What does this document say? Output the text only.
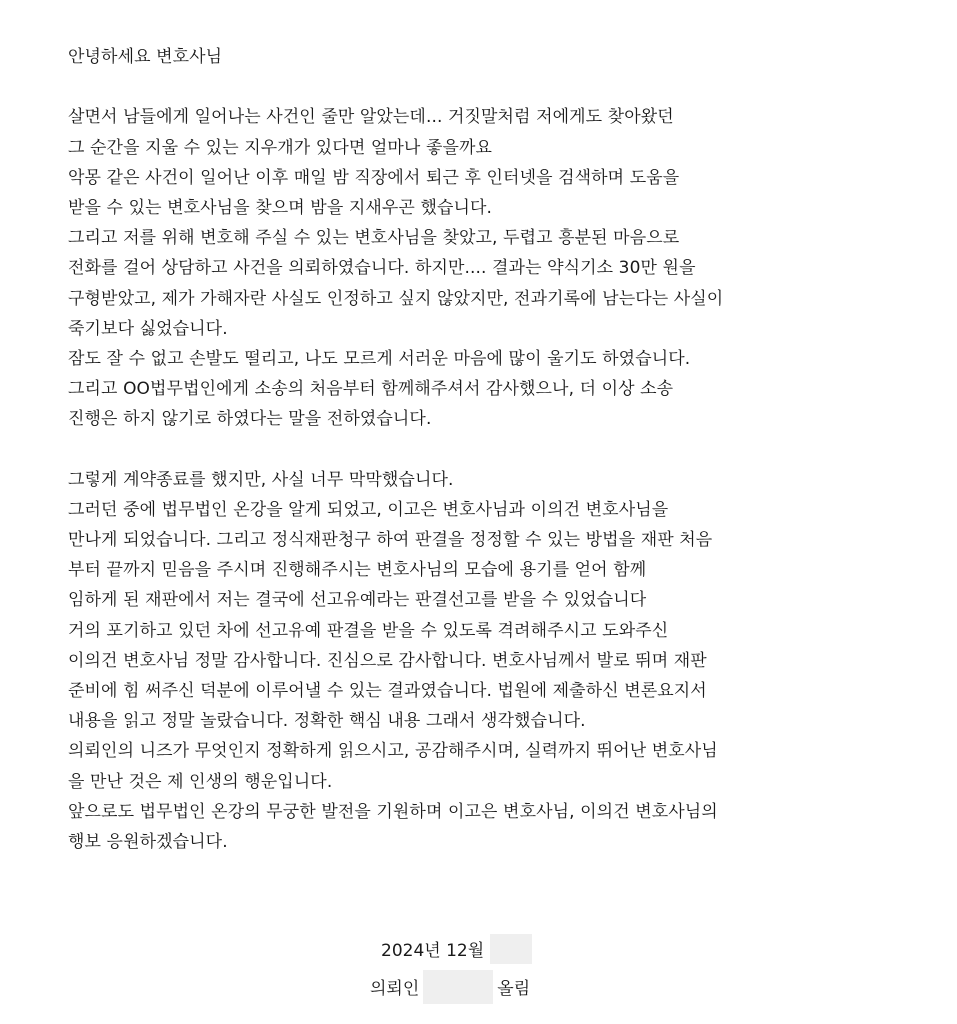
안녕하세요 변호사님
살면서 남들에게 일어나는 사건인 줄만 알았는데... 거짓말처럼 저에게도 찾아왔던
그 순간을 지울 수 있는 지우개가 있다면 얼마나 좋을까요
악몽 같은 사건이 일어난 이후 매일 밤 직장에서 퇴근 후 인터넷을 검색하며 도움을
받을 수 있는 변호사님을 찾으며 밤을 지새우곤 했습니다.
그리고 저를 위해 변호해 주실 수 있는 변호사님을 찾았고, 두렵고 흥분된 마음으로
전화를 걸어 상담하고 사건을 의뢰하였습니다. 하지만.... 결과는 약식기소 30만 원을
구형받았고, 제가 가해자란 사실도 인정하고 싶지 않았지만, 전과기록에 남는다는 사실이
죽기보다 싫었습니다.
잠도 잘 수 없고 손발도 떨리고, 나도 모르게 서러운 마음에 많이 울기도 하였습니다.
그리고 OO법무법인에게 소송의 처음부터 함께해주셔서 감사했으나, 더 이상 소송
진행은 하지 않기로 하였다는 말을 전하였습니다.
그렇게 계약종료를 했지만, 사실 너무 막막했습니다.
그러던 중에 법무법인 온강을 알게 되었고, 이고은 변호사님과 이의건 변호사님을
만나게 되었습니다. 그리고 정식재판청구 하여 판결을 정정할 수 있는 방법을 재판 처음
부터 끝까지 믿음을 주시며 진행해주시는 변호사님의 모습에 용기를 얻어 함께
임하게 된 재판에서 저는 결국에 선고유예라는 판결선고를 받을 수 있었습니다
거의 포기하고 있던 차에 선고유예 판결을 받을 수 있도록 격려해주시고 도와주신
이의건 변호사님 정말 감사합니다. 진심으로 감사합니다. 변호사님께서 발로 뛰며 재판
준비에 힘 써주신 덕분에 이루어낼 수 있는 결과였습니다. 법원에 제출하신 변론요지서
내용을 읽고 정말 놀랐습니다. 정확한 핵심 내용 그래서 생각했습니다.
의뢰인의 니즈가 무엇인지 정확하게 읽으시고, 공감해주시며, 실력까지 뛰어난 변호사님
을 만난 것은 제 인생의 행운입니다.
앞으로도 법무법인 온강의 무궁한 발전을 기원하며 이고은 변호사님, 이의건 변호사님의
행보 응원하겠습니다.
2024년 12월
의뢰인	올림
